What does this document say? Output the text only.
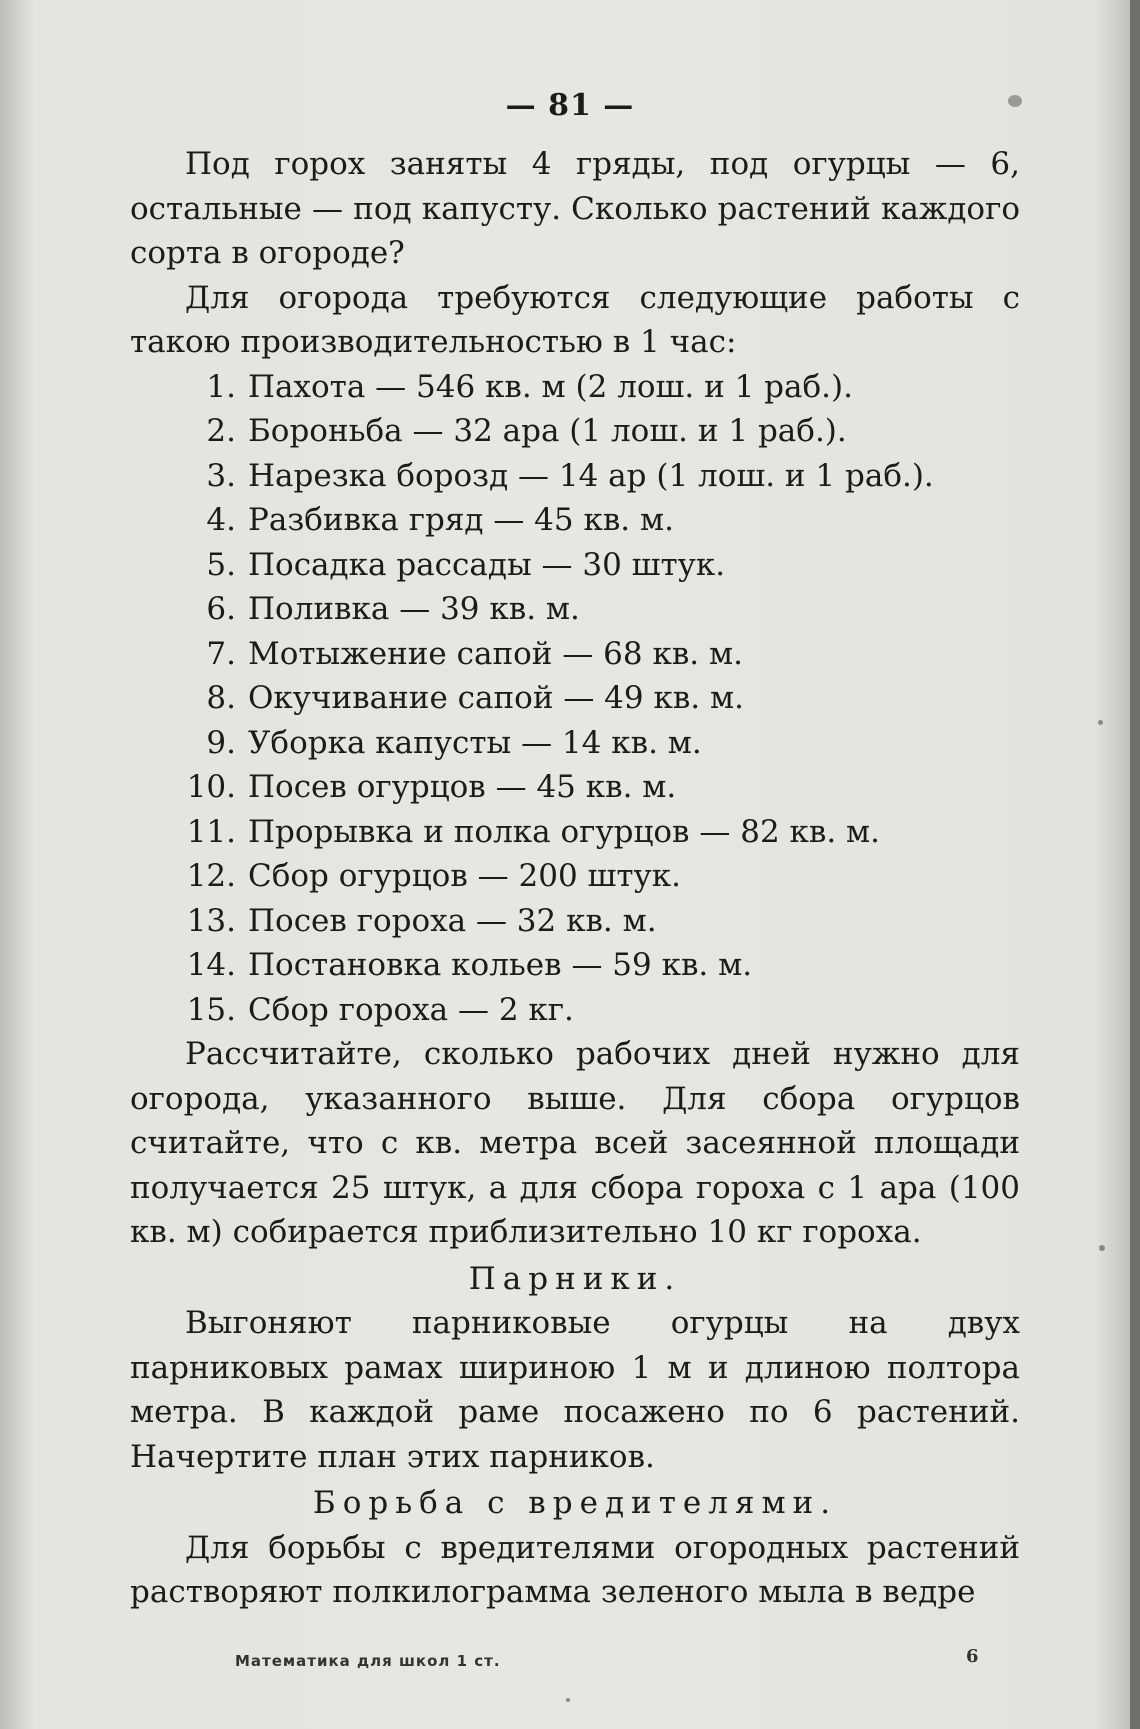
— 81 —

Под горох заняты 4 гряды, под огурцы — 6, остальные — под капусту. Сколько растений каждого сорта в огороде?

Для огорода требуются следующие работы с такою производительностью в 1 час:

1. Пахота — 546 кв. м (2 лош. и 1 раб.).
2. Бороньба — 32 ара (1 лош. и 1 раб.).
3. Нарезка борозд — 14 ар (1 лош. и 1 раб.).
4. Разбивка гряд — 45 кв. м.
5. Посадка рассады — 30 штук.
6. Поливка — 39 кв. м.
7. Мотыжение сапой — 68 кв. м.
8. Окучивание сапой — 49 кв. м.
9. Уборка капусты — 14 кв. м.
10. Посев огурцов — 45 кв. м.
11. Прорывка и полка огурцов — 82 кв. м.
12. Сбор огурцов — 200 штук.
13. Посев гороха — 32 кв. м.
14. Постановка кольев — 59 кв. м.
15. Сбор гороха — 2 кг.

Рассчитайте, сколько рабочих дней нужно для огорода, указанного выше. Для сбора огурцов считайте, что с кв. метра всей засеянной площади получается 25 штук, а для сбора гороха с 1 ара (100 кв. м) собирается приблизительно 10 кг гороха.

Парники.

Выгоняют парниковые огурцы на двух парниковых рамах шириною 1 м и длиною полтора метра. В каждой раме посажено по 6 растений. Начертите план этих парников.

Борьба с вредителями.

Для борьбы с вредителями огородных растений растворяют полкилограмма зеленого мыла в ведре

Математика для школ 1 ст.	6
